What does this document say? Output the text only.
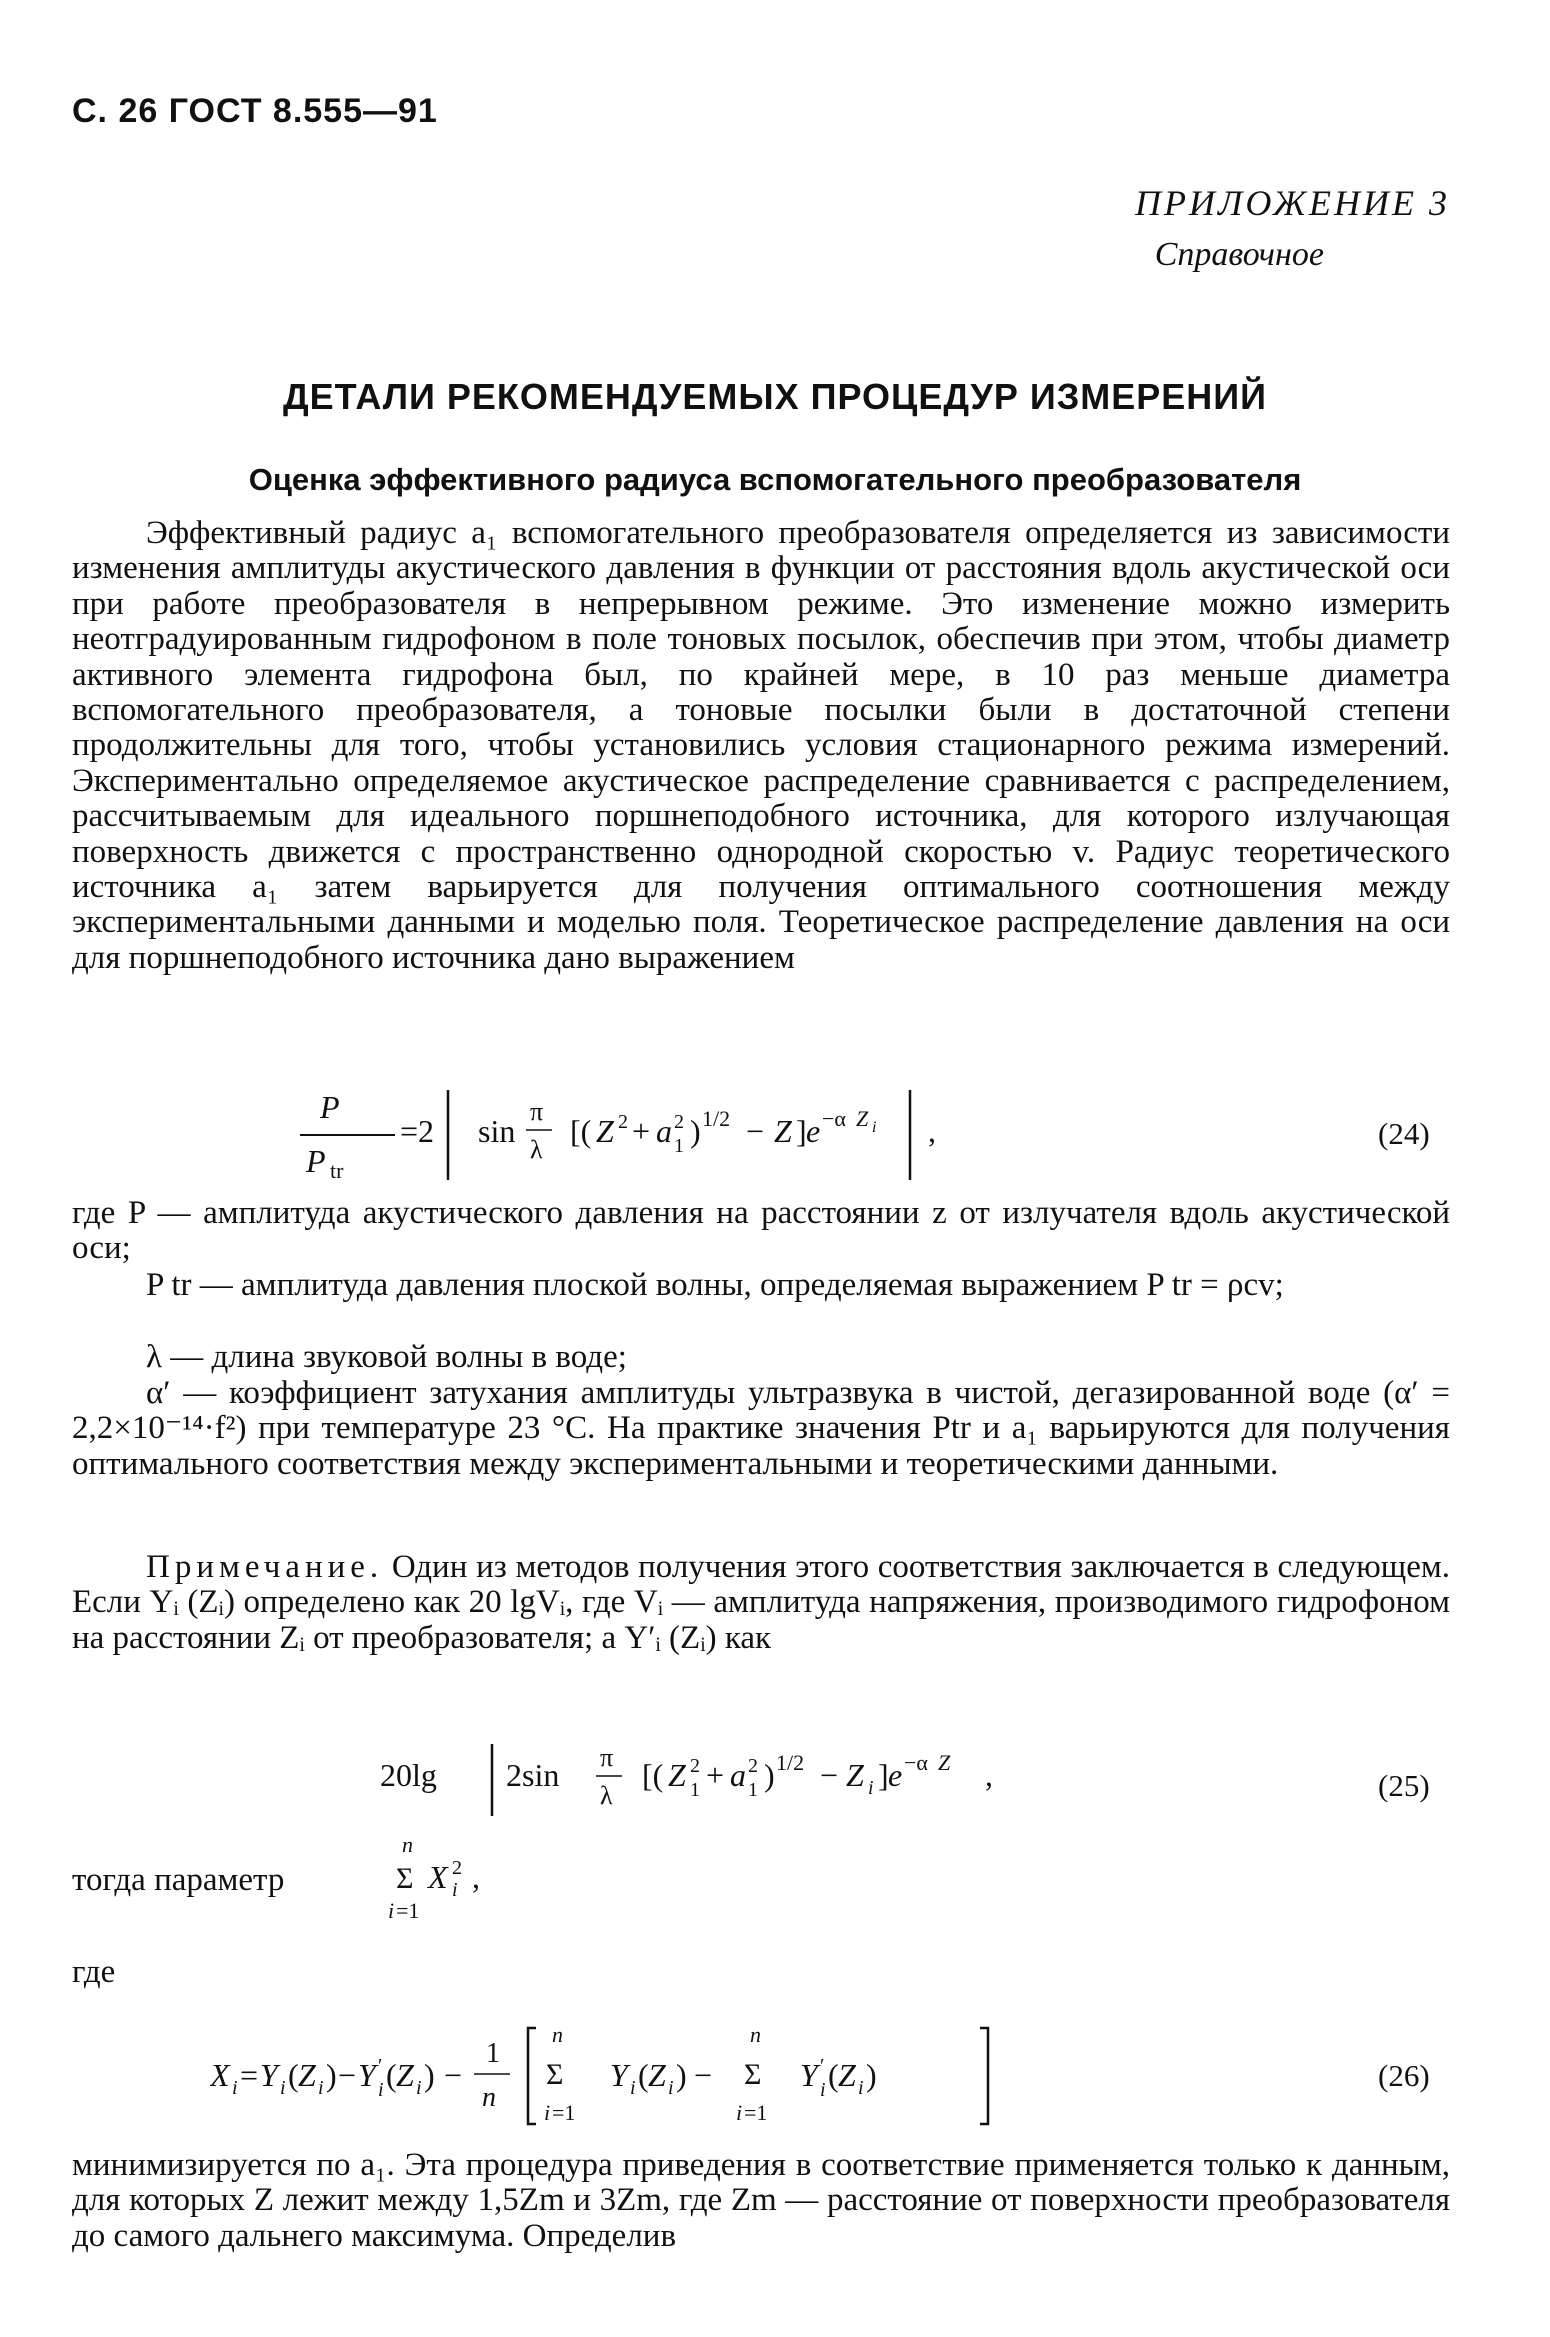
С. 26 ГОСТ 8.555—91
ПРИЛОЖЕНИЕ 3
Справочное
ДЕТАЛИ РЕКОМЕНДУЕМЫХ ПРОЦЕДУР ИЗМЕРЕНИЙ
Оценка эффективного радиуса вспомогательного преобразователя
Эффективный радиус a₁ вспомогательного преобразователя определяется из зависимости изменения амплитуды акустического давления в функции от расстояния вдоль акустической оси при работе преобразователя в непрерывном режиме. Это изменение можно измерить неотградуированным гидрофоном в поле тоновых посылок, обеспечив при этом, чтобы диаметр активного элемента гидрофона был, по крайней мере, в 10 раз меньше диаметра вспомогательного преобразователя, а тоновые посылки были в достаточной степени продолжительны для того, чтобы установились условия стационарного режима измерений. Экспериментально определяемое акустическое распределение сравнивается с распределением, рассчитываемым для идеального поршнеподобного источника, для которого излучающая поверхность движется с пространственно однородной скоростью v. Радиус теоретического источника a₁ затем варьируется для получения оптимального соотношения между экспериментальными данными и моделью поля. Теоретическое распределение давления на оси для поршнеподобного источника дано выражением
P
P tr
=2 sin
π
λ
[( Z 2 + a 2
1 ) 1/2 − Z ] e −α Z i ,	(24)
где P — амплитуда акустического давления на расстоянии z от излучателя вдоль акустической оси;
P tr — амплитуда давления плоской волны, определяемая выражением P tr = ρcv;
λ — длина звуковой волны в воде;
α′ — коэффициент затухания амплитуды ультразвука в чистой, дегазированной воде (α′ = 2,2×10⁻¹⁴·f²) при температуре 23 °С. На практике значения Ptr и a₁ варьируются для получения оптимального соответствия между экспериментальными и теоретическими данными.
Примечание. Один из методов получения этого соответствия заключается в следующем. Если Yᵢ (Zᵢ) определено как 20 lgVᵢ, где Vᵢ — амплитуда напряжения, производимого гидрофоном на расстоянии Zᵢ от преобразователя; а Y′ᵢ (Zᵢ) как
20lg 2sin π
λ
[( Z 2
1 + a 2
1 ) 1/2 − Z i ] e −α Z ,	(25)
тогда параметр
n
Σ
i =1
X 2
i ,
где
X i = Y i ( Z i ) − Y ′
i ( Z i ) −
1
n
n
Σ
i =1
Y i ( Z i ) −
n
Σ
i =1
Y ′
i ( Z i )	(26)
минимизируется по a₁. Эта процедура приведения в соответствие применяется только к данным, для которых Z лежит между 1,5Zm и 3Zm, где Zm — расстояние от поверхности преобразователя до самого дальнего максимума. Определив
